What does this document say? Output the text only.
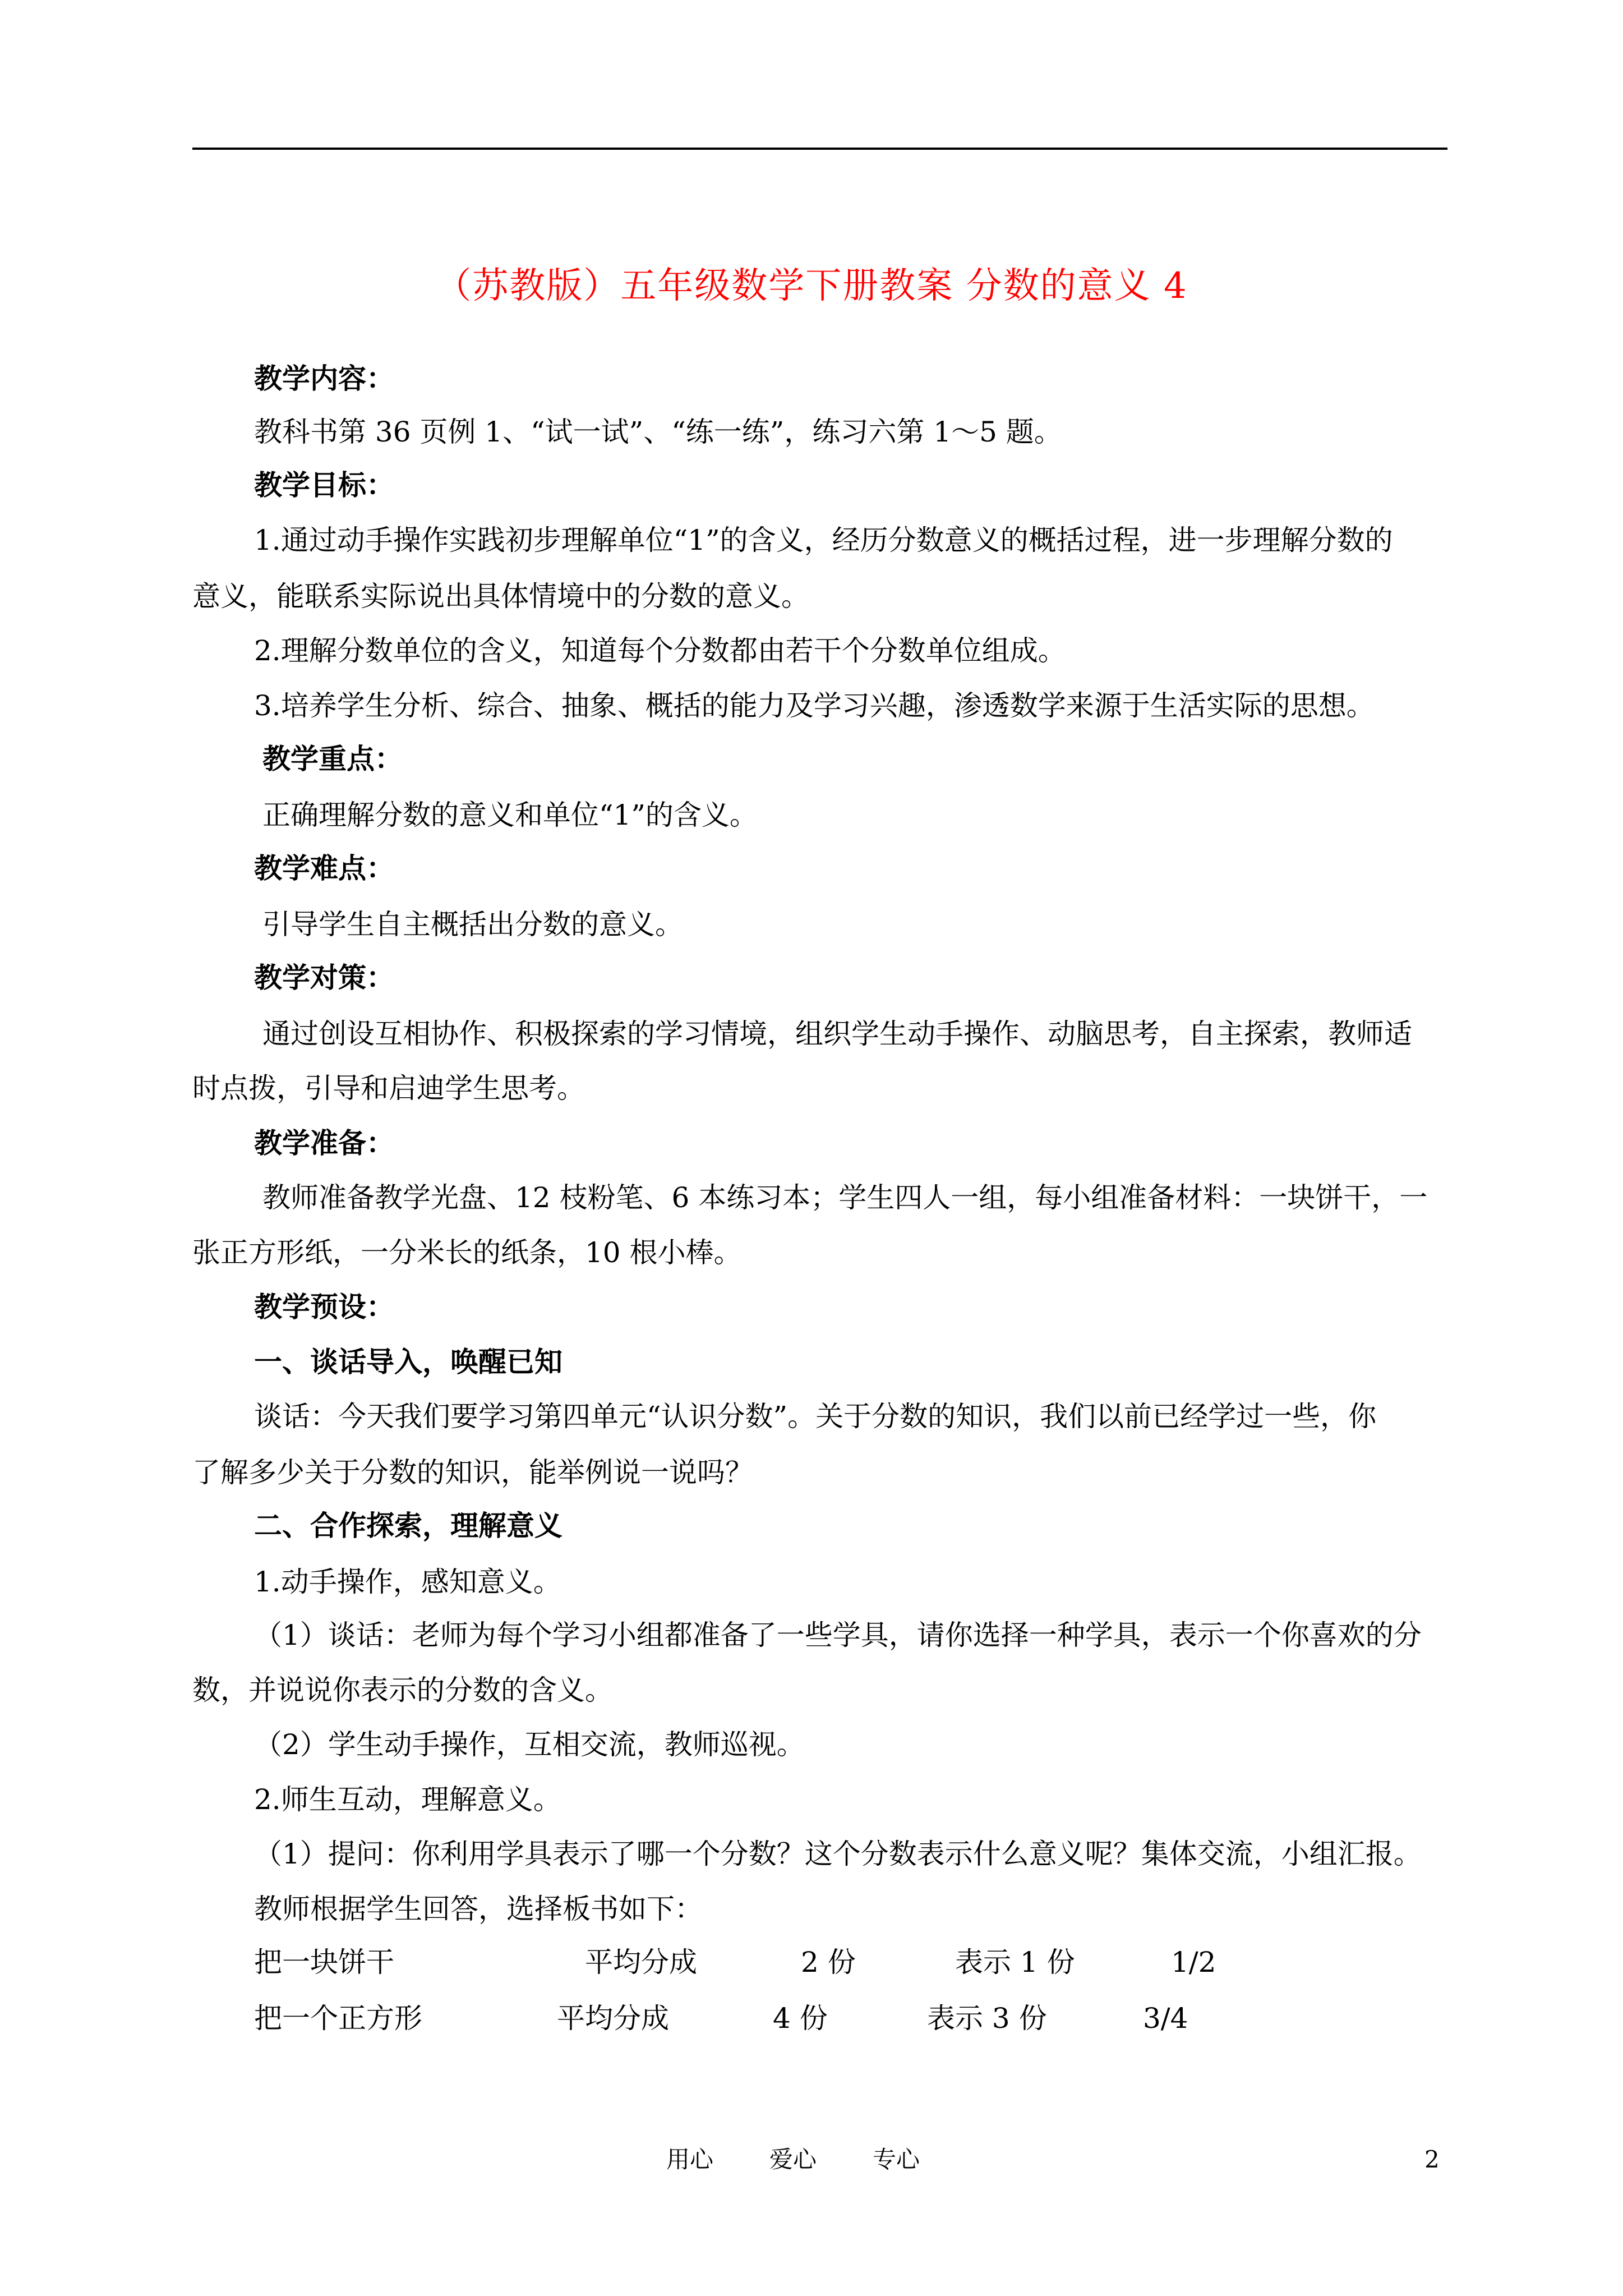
（苏教版）五年级数学下册教案 分数的意义 4
教学内容：
教科书第 36 页例 1、“试一试”、“练一练”，练习六第 1～5 题。
教学目标：
1.通过动手操作实践初步理解单位“1”的含义，经历分数意义的概括过程，进一步理解分数的
意义，能联系实际说出具体情境中的分数的意义。
2.理解分数单位的含义，知道每个分数都由若干个分数单位组成。
3.培养学生分析、综合、抽象、概括的能力及学习兴趣，渗透数学来源于生活实际的思想。
教学重点：
正确理解分数的意义和单位“1”的含义。
教学难点：
引导学生自主概括出分数的意义。
教学对策：
通过创设互相协作、积极探索的学习情境，组织学生动手操作、动脑思考，自主探索，教师适
时点拨，引导和启迪学生思考。
教学准备：
教师准备教学光盘、12 枝粉笔、6 本练习本；学生四人一组，每小组准备材料：一块饼干，一
张正方形纸，一分米长的纸条，10 根小棒。
教学预设：
一、谈话导入，唤醒已知
谈话：今天我们要学习第四单元“认识分数”。关于分数的知识，我们以前已经学过一些，你
了解多少关于分数的知识，能举例说一说吗？
二、合作探索，理解意义
1.动手操作，感知意义。
（1）谈话：老师为每个学习小组都准备了一些学具，请你选择一种学具，表示一个你喜欢的分
数，并说说你表示的分数的含义。
（2）学生动手操作，互相交流，教师巡视。
2.师生互动，理解意义。
（1）提问：你利用学具表示了哪一个分数？这个分数表示什么意义呢？集体交流，小组汇报。
教师根据学生回答，选择板书如下：
把一块饼干	平均分成	2 份	表示 1 份	1/2
把一个正方形	平均分成	4 份	表示 3 份	3/4
用心 爱心 专心	2
